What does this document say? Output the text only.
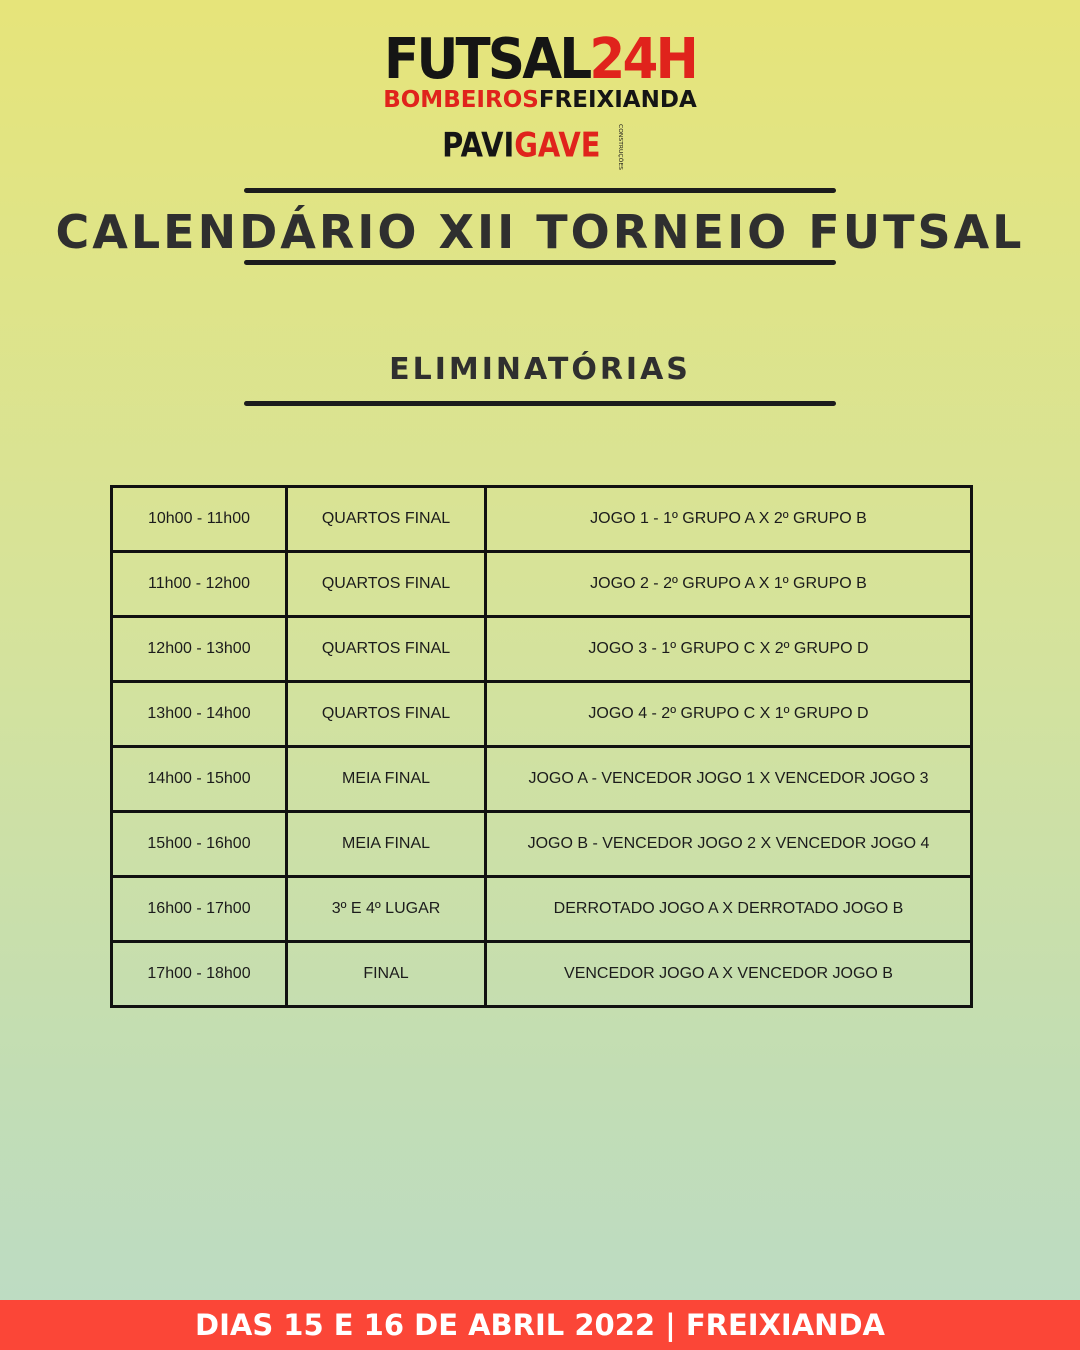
FUTSAL24H
BOMBEIROSFREIXIANDA
PAVIGAVE	CONSTRUÇÕES
CALENDÁRIO XII TORNEIO FUTSAL
ELIMINATÓRIAS
10h00 - 11h00	QUARTOS FINAL	JOGO 1 - 1º GRUPO A X 2º GRUPO B
11h00 - 12h00	QUARTOS FINAL	JOGO 2 - 2º GRUPO A X 1º GRUPO B
12h00 - 13h00	QUARTOS FINAL	JOGO 3 - 1º GRUPO C X 2º GRUPO D
13h00 - 14h00	QUARTOS FINAL	JOGO 4 - 2º GRUPO C X 1º GRUPO D
14h00 - 15h00	MEIA FINAL	JOGO A - VENCEDOR JOGO 1 X VENCEDOR JOGO 3
15h00 - 16h00	MEIA FINAL	JOGO B - VENCEDOR JOGO 2 X VENCEDOR JOGO 4
16h00 - 17h00	3º E 4º LUGAR	DERROTADO JOGO A X DERROTADO JOGO B
17h00 - 18h00	FINAL	VENCEDOR JOGO A X VENCEDOR JOGO B
DIAS 15 E 16 DE ABRIL 2022 | FREIXIANDA
